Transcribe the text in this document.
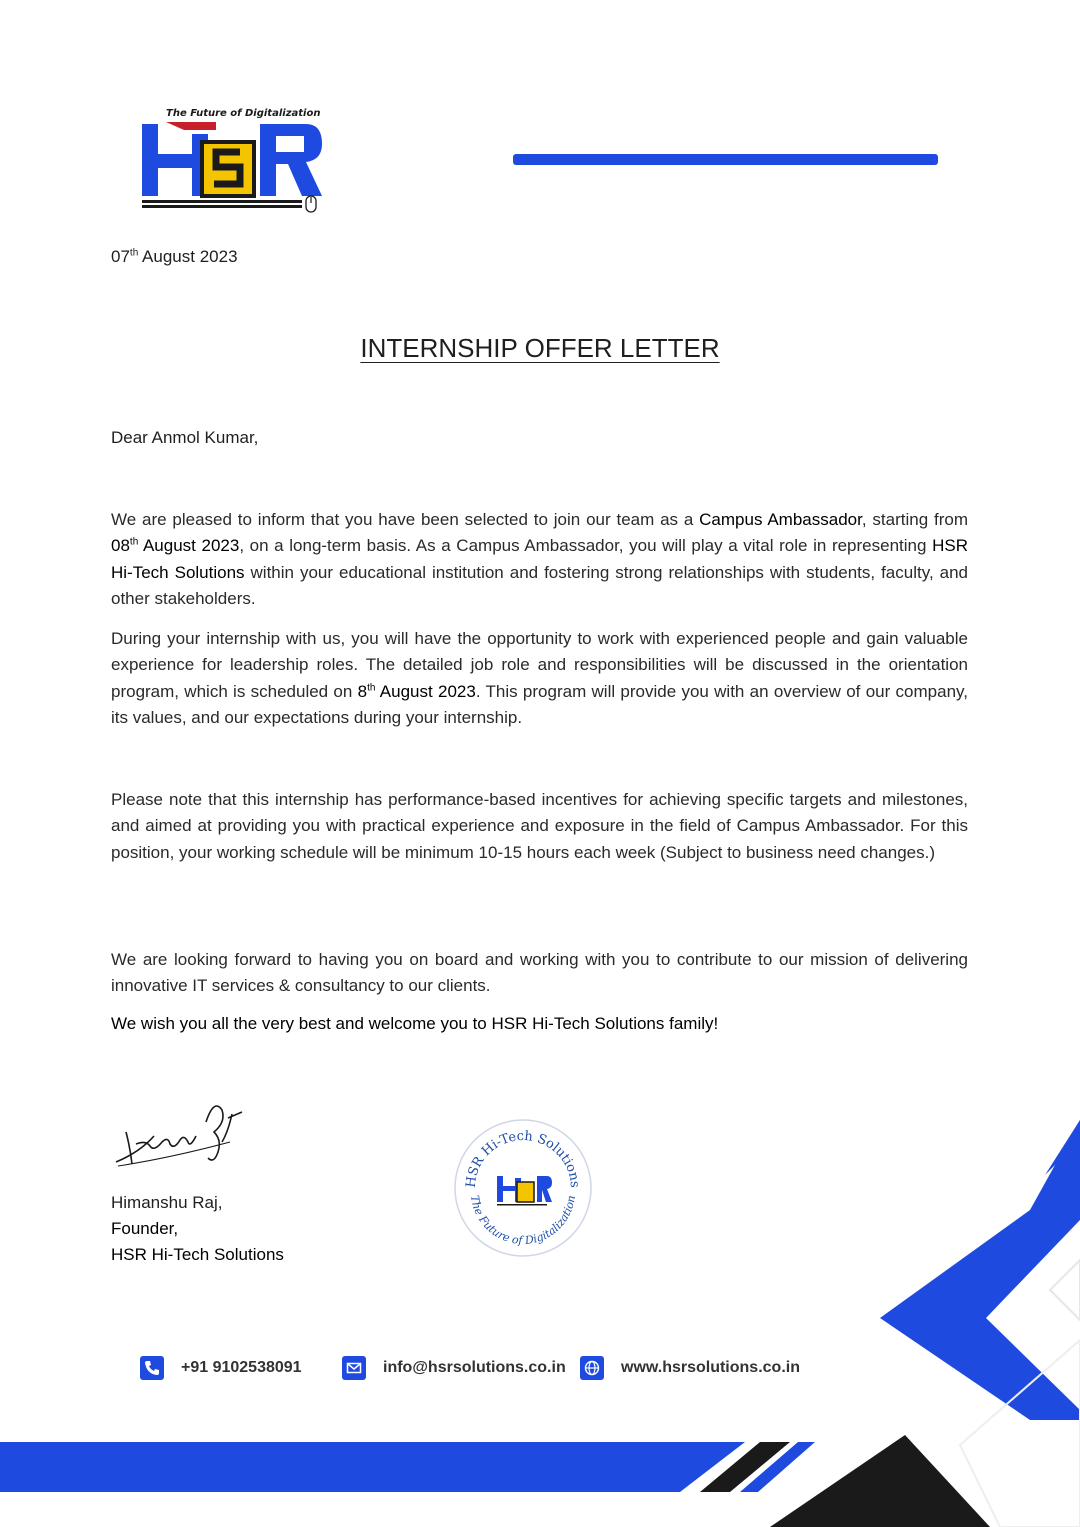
The Future of Digitalization
07th August 2023
INTERNSHIP OFFER LETTER
Dear Anmol Kumar,
We are pleased to inform that you have been selected to join our team as a Campus Ambassador, starting from 08th August 2023, on a long-term basis. As a Campus Ambassador, you will play a vital role in representing HSR Hi-Tech Solutions within your educational institution and fostering strong relationships with students, faculty, and other stakeholders.
During your internship with us, you will have the opportunity to work with experienced people and gain valuable experience for leadership roles. The detailed job role and responsibilities will be discussed in the orientation program, which is scheduled on 8th August 2023. This program will provide you with an overview of our company, its values, and our expectations during your internship.
Please note that this internship has performance-based incentives for achieving specific targets and milestones, and aimed at providing you with practical experience and exposure in the field of Campus Ambassador. For this position, your working schedule will be minimum 10-15 hours each week (Subject to business need changes.)
We are looking forward to having you on board and working with you to contribute to our mission of delivering innovative IT services & consultancy to our clients.
We wish you all the very best and welcome you to HSR Hi-Tech Solutions family!
Himanshu Raj,
Founder,
HSR Hi-Tech Solutions
HSR Hi-Tech Solutions
The Future of Digitalization
+91 9102538091	info@hsrsolutions.co.in	www.hsrsolutions.co.in
